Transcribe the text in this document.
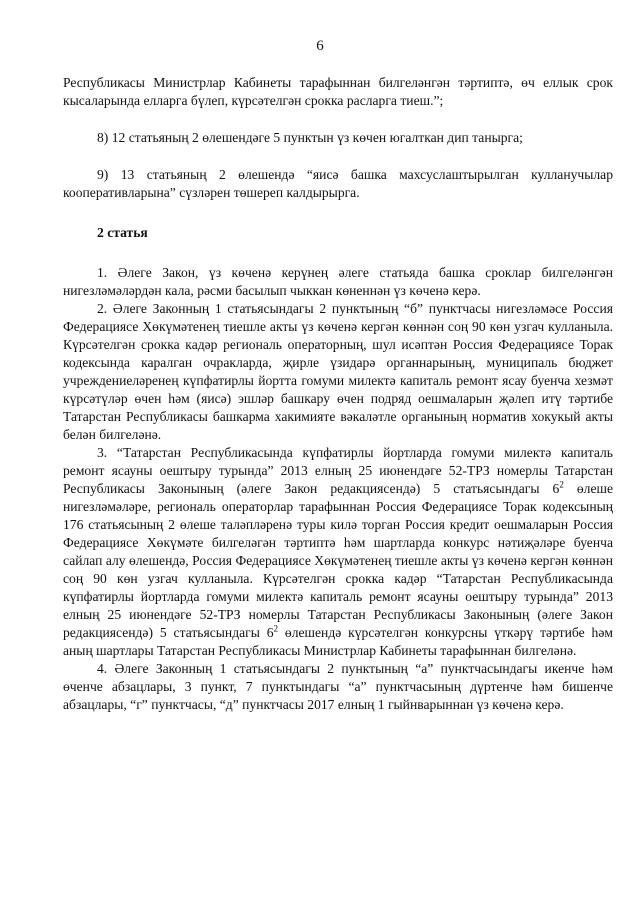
6

Республикасы Министрлар Кабинеты тарафыннан билгеләнгән тәртиптә, өч еллык срок кысаларында елларга бүлеп, күрсәтелгән срокка расларга тиеш.”;

8) 12 статьяның 2 өлешендәге 5 пунктын үз көчен югалткан дип танырга;

9) 13 статьяның 2 өлешендә “яисә башка махсуслаштырылган кулланучылар кооперативларына” сүзләрен төшереп калдырырга.

2 статья

1. Әлеге Закон, үз көченә керүнең әлеге статьяда башка сроклар билгеләнгән нигезләмәләрдән кала, рәсми басылып чыккан көненнән үз көченә керә.

2. Әлеге Законның 1 статьясындагы 2 пунктының “б” пунктчасы нигезләмәсе Россия Федерациясе Хөкүмәтенең тиешле акты үз көченә кергән көннән соң 90 көн узгач кулланыла. Күрсәтелгән срокка кадәр региональ операторның, шул исәптән Россия Федерациясе Торак кодексында каралган очракларда, җирле үзидарә органнарының, муниципаль бюджет учреждениеләренең күпфатирлы йортта гомуми милектә капиталь ремонт ясау буенча хезмәт күрсәтүләр өчен һәм (яисә) эшләр башкару өчен подряд оешмаларын җәлеп итү тәртибе Татарстан Республикасы башкарма хакимияте вәкаләтле органының норматив хокукый акты белән билгеләнә.

3. “Татарстан Республикасында күпфатирлы йортларда гомуми милектә капиталь ремонт ясауны оештыру турында” 2013 елның 25 июнендәге 52-ТРЗ номерлы Татарстан Республикасы Законының (әлеге Закон редакциясендә) 5 статьясындагы $6^2$ өлеше нигезләмәләре, региональ операторлар тарафыннан Россия Федерациясе Торак кодексының 176 статьясының 2 өлеше таләпләренә туры килә торган Россия кредит оешмаларын Россия Федерациясе Хөкүмәте билгеләгән тәртиптә һәм шартларда конкурс нәтиҗәләре буенча сайлап алу өлешендә, Россия Федерациясе Хөкүмәтенең тиешле акты үз көченә кергән көннән соң 90 көн узгач кулланыла. Күрсәтелгән срокка кадәр “Татарстан Республикасында күпфатирлы йортларда гомуми милектә капиталь ремонт ясауны оештыру турында” 2013 елның 25 июнендәге 52-ТРЗ номерлы Татарстан Республикасы Законының (әлеге Закон редакциясендә) 5 статьясындагы $6^2$ өлешендә күрсәтелгән конкурсны үткәрү тәртибе һәм аның шартлары Татарстан Республикасы Министрлар Кабинеты тарафыннан билгеләнә.

4. Әлеге Законның 1 статьясындагы 2 пунктының “а” пунктчасындагы икенче һәм өченче абзацлары, 3 пункт, 7 пунктындагы “а” пунктчасының дүртенче һәм бишенче абзацлары, “г” пунктчасы, “д” пунктчасы 2017 елның 1 гыйнварыннан үз көченә керә.
